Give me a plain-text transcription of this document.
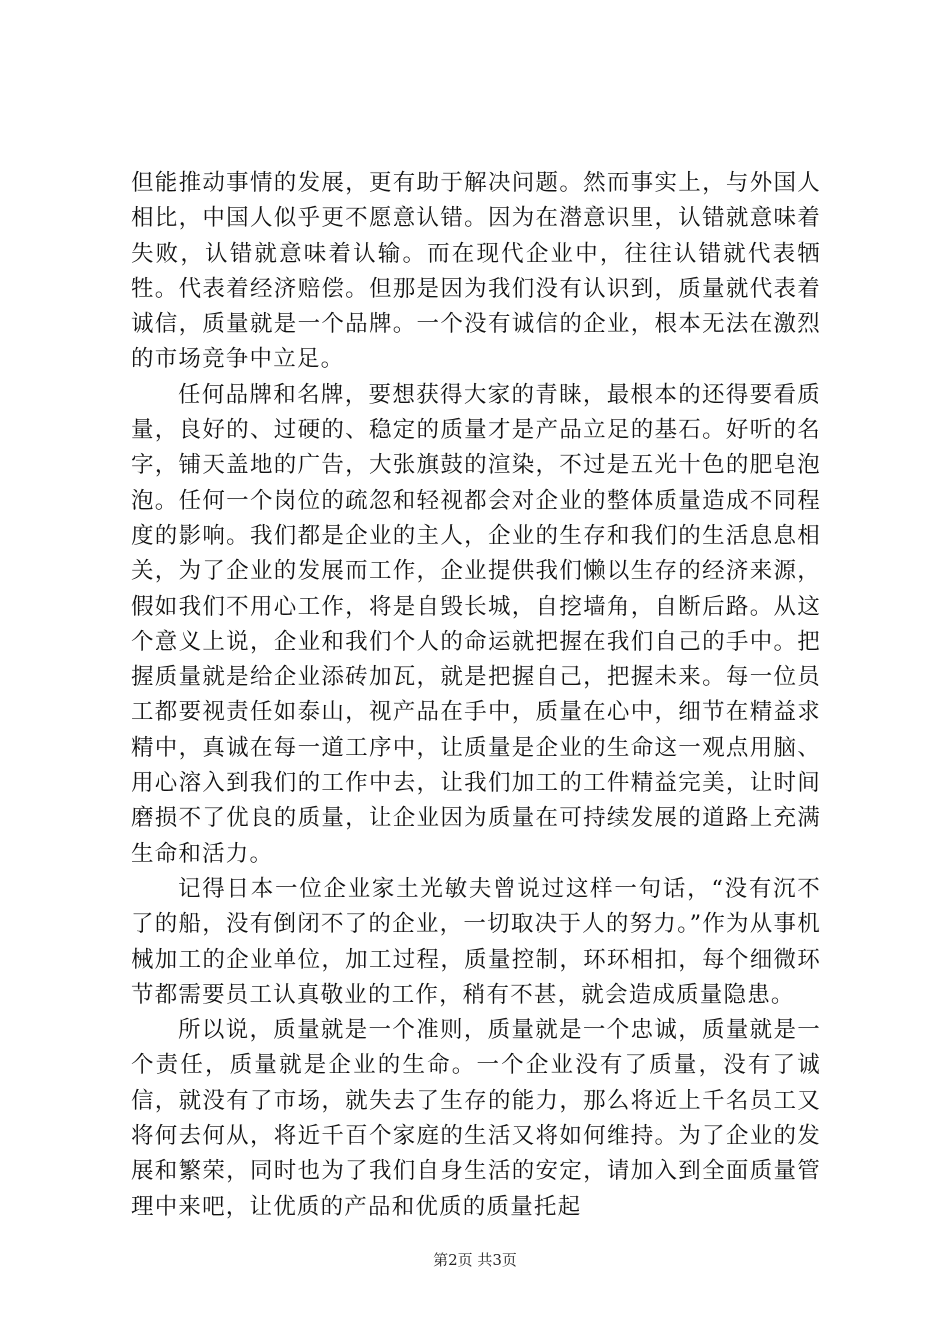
但能推动事情的发展，更有助于解决问题。然而事实上，与外国人相比，中国人似乎更不愿意认错。因为在潜意识里，认错就意味着失败，认错就意味着认输。而在现代企业中，往往认错就代表牺牲。代表着经济赔偿。但那是因为我们没有认识到，质量就代表着诚信，质量就是一个品牌。一个没有诚信的企业，根本无法在激烈的市场竞争中立足。

任何品牌和名牌，要想获得大家的青睐，最根本的还得要看质量，良好的、过硬的、稳定的质量才是产品立足的基石。好听的名字，铺天盖地的广告，大张旗鼓的渲染，不过是五光十色的肥皂泡泡。任何一个岗位的疏忽和轻视都会对企业的整体质量造成不同程度的影响。我们都是企业的主人，企业的生存和我们的生活息息相关，为了企业的发展而工作，企业提供我们懒以生存的经济来源，假如我们不用心工作，将是自毁长城，自挖墙角，自断后路。从这个意义上说，企业和我们个人的命运就把握在我们自己的手中。把握质量就是给企业添砖加瓦，就是把握自己，把握未来。每一位员工都要视责任如泰山，视产品在手中，质量在心中，细节在精益求精中，真诚在每一道工序中，让质量是企业的生命这一观点用脑、用心溶入到我们的工作中去，让我们加工的工件精益完美，让时间磨损不了优良的质量，让企业因为质量在可持续发展的道路上充满生命和活力。

记得日本一位企业家土光敏夫曾说过这样一句话，“没有沉不了的船，没有倒闭不了的企业，一切取决于人的努力。”作为从事机械加工的企业单位，加工过程，质量控制，环环相扣，每个细微环节都需要员工认真敬业的工作，稍有不甚，就会造成质量隐患。

所以说，质量就是一个准则，质量就是一个忠诚，质量就是一个责任，质量就是企业的生命。一个企业没有了质量，没有了诚信，就没有了市场，就失去了生存的能力，那么将近上千名员工又将何去何从，将近千百个家庭的生活又将如何维持。为了企业的发展和繁荣，同时也为了我们自身生活的安定，请加入到全面质量管理中来吧，让优质的产品和优质的质量托起

第2页 共3页
